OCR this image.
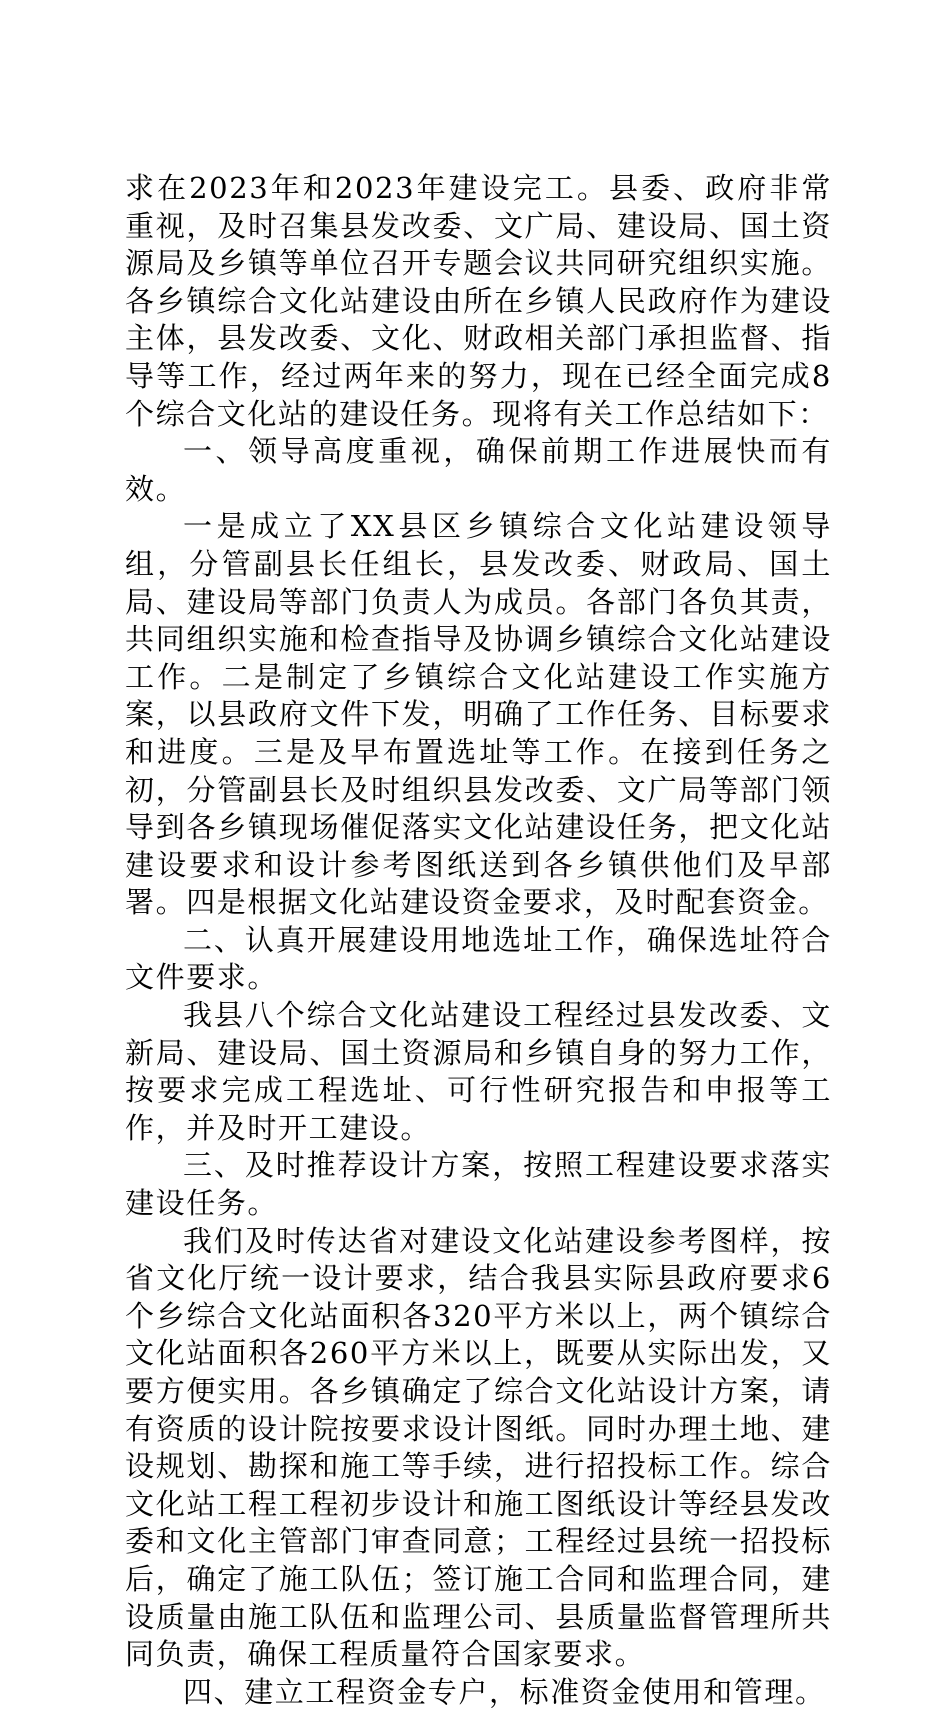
求在2023年和2023年建设完工。县委、政府非常重视，及时召集县发改委、文广局、建设局、国土资源局及乡镇等单位召开专题会议共同研究组织实施。各乡镇综合文化站建设由所在乡镇人民政府作为建设主体，县发改委、文化、财政相关部门承担监督、指导等工作，经过两年来的努力，现在已经全面完成8个综合文化站的建设任务。现将有关工作总结如下：

一、领导高度重视，确保前期工作进展快而有效。

一是成立了XX县区乡镇综合文化站建设领导组，分管副县长任组长，县发改委、财政局、国土局、建设局等部门负责人为成员。各部门各负其责，共同组织实施和检查指导及协调乡镇综合文化站建设工作。二是制定了乡镇综合文化站建设工作实施方案，以县政府文件下发，明确了工作任务、目标要求和进度。三是及早布置选址等工作。在接到任务之初，分管副县长及时组织县发改委、文广局等部门领导到各乡镇现场催促落实文化站建设任务，把文化站建设要求和设计参考图纸送到各乡镇供他们及早部署。四是根据文化站建设资金要求，及时配套资金。

二、认真开展建设用地选址工作，确保选址符合文件要求。

我县八个综合文化站建设工程经过县发改委、文新局、建设局、国土资源局和乡镇自身的努力工作，按要求完成工程选址、可行性研究报告和申报等工作，并及时开工建设。

三、及时推荐设计方案，按照工程建设要求落实建设任务。

我们及时传达省对建设文化站建设参考图样，按省文化厅统一设计要求，结合我县实际县政府要求6个乡综合文化站面积各320平方米以上，两个镇综合文化站面积各260平方米以上，既要从实际出发，又要方便实用。各乡镇确定了综合文化站设计方案，请有资质的设计院按要求设计图纸。同时办理土地、建设规划、勘探和施工等手续，进行招投标工作。综合文化站工程工程初步设计和施工图纸设计等经县发改委和文化主管部门审查同意；工程经过县统一招投标后，确定了施工队伍；签订施工合同和监理合同，建设质量由施工队伍和监理公司、县质量监督管理所共同负责，确保工程质量符合国家要求。

四、建立工程资金专户，标准资金使用和管理。
